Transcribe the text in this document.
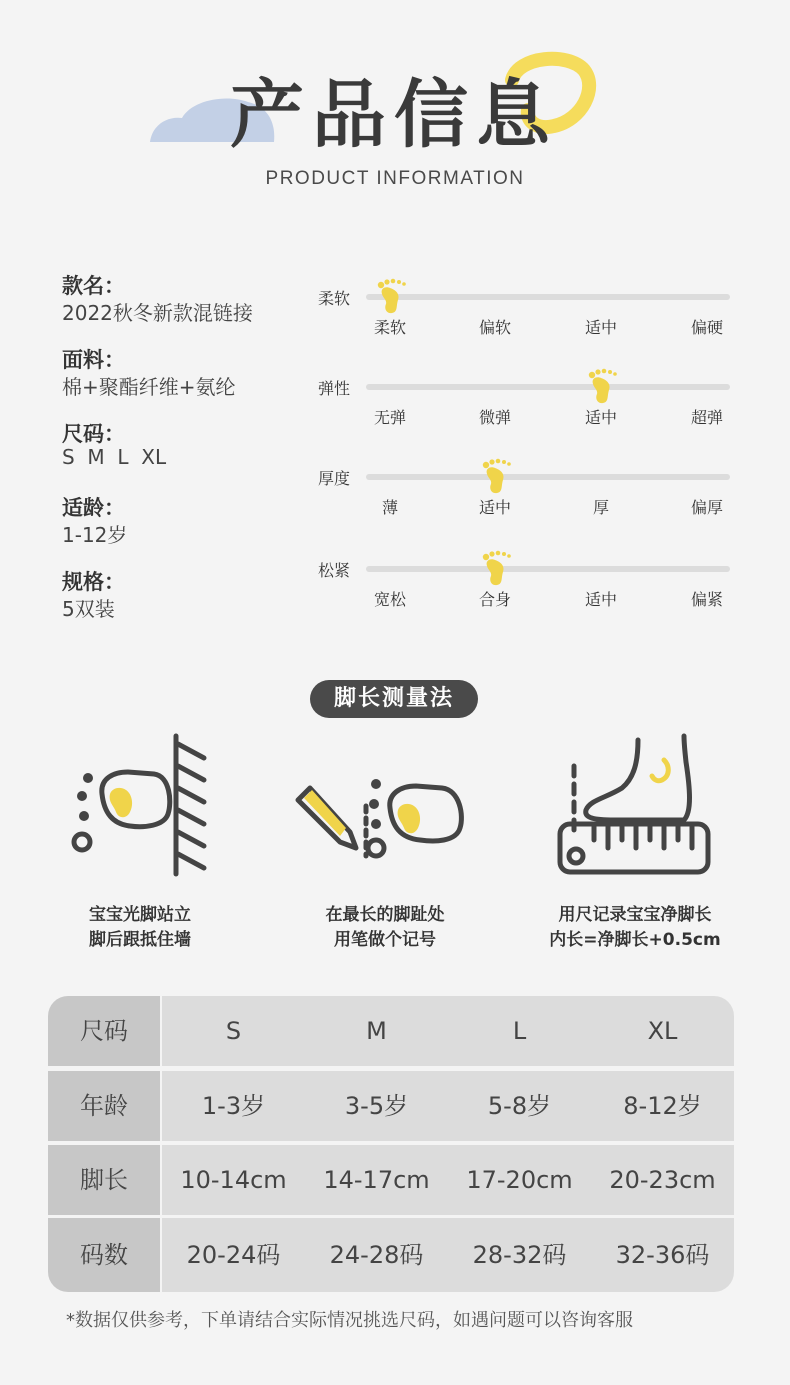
产品信息
PRODUCT INFORMATION
款名：
2022秋冬新款混链接
面料：
棉+聚酯纤维+氨纶
尺码：
S  M  L  XL
适龄：
1-12岁
规格：
5双装
柔软
柔软	偏软	适中	偏硬
弹性
无弹	微弹	适中	超弹
厚度
薄	适中	厚	偏厚
松紧
宽松	合身	适中	偏紧
脚长测量法
宝宝光脚站立
脚后跟抵住墙
在最长的脚趾处
用笔做个记号
用尺记录宝宝净脚长
内长=净脚长+0.5cm
尺码	S	M	L	XL
年龄	1-3岁	3-5岁	5-8岁	8-12岁
脚长	10-14cm	14-17cm	17-20cm	20-23cm
码数	20-24码	24-28码	28-32码	32-36码
*数据仅供参考，下单请结合实际情况挑选尺码，如遇问题可以咨询客服
